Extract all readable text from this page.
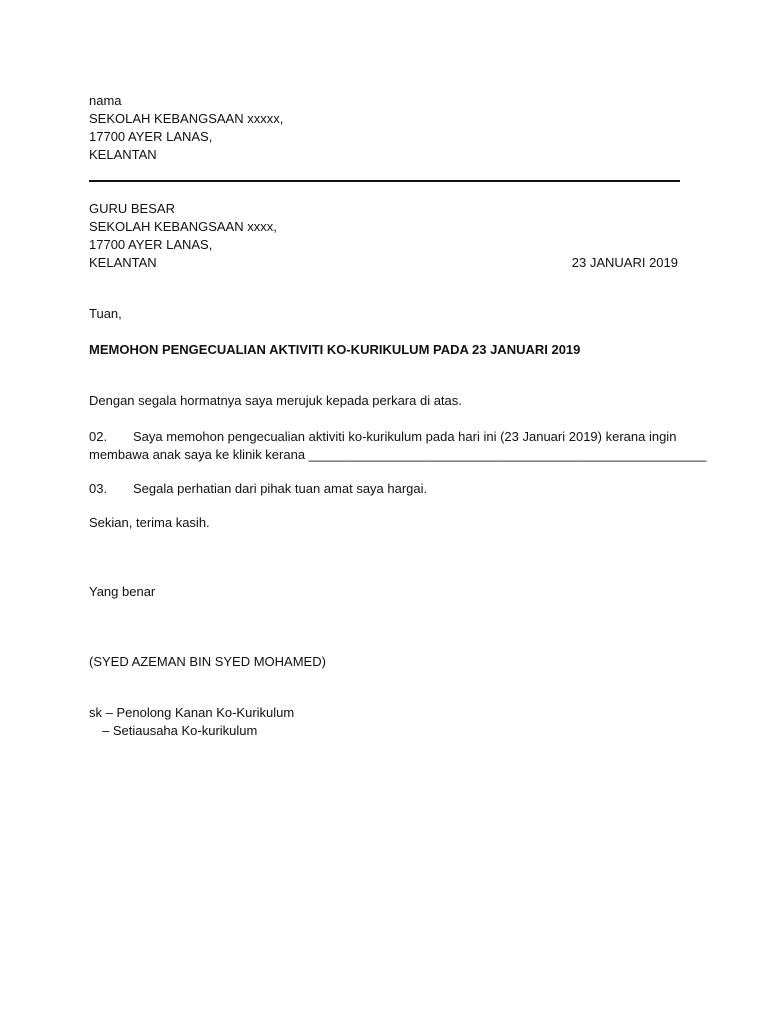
nama
SEKOLAH KEBANGSAAN xxxxx,
17700 AYER LANAS,
KELANTAN
GURU BESAR
SEKOLAH KEBANGSAAN xxxx,
17700 AYER LANAS,
KELANTAN	23 JANUARI 2019
Tuan,
MEMOHON PENGECUALIAN AKTIVITI KO-KURIKULUM PADA 23 JANUARI 2019
Dengan segala hormatnya saya merujuk kepada perkara di atas.
02. Saya memohon pengecualian aktiviti ko-kurikulum pada hari ini (23 Januari 2019) kerana ingin
membawa anak saya ke klinik kerana _______________________________________________________
03. Segala perhatian dari pihak tuan amat saya hargai.
Sekian, terima kasih.
Yang benar
(SYED AZEMAN BIN SYED MOHAMED)
sk – Penolong Kanan Ko-Kurikulum
– Setiausaha Ko-kurikulum
